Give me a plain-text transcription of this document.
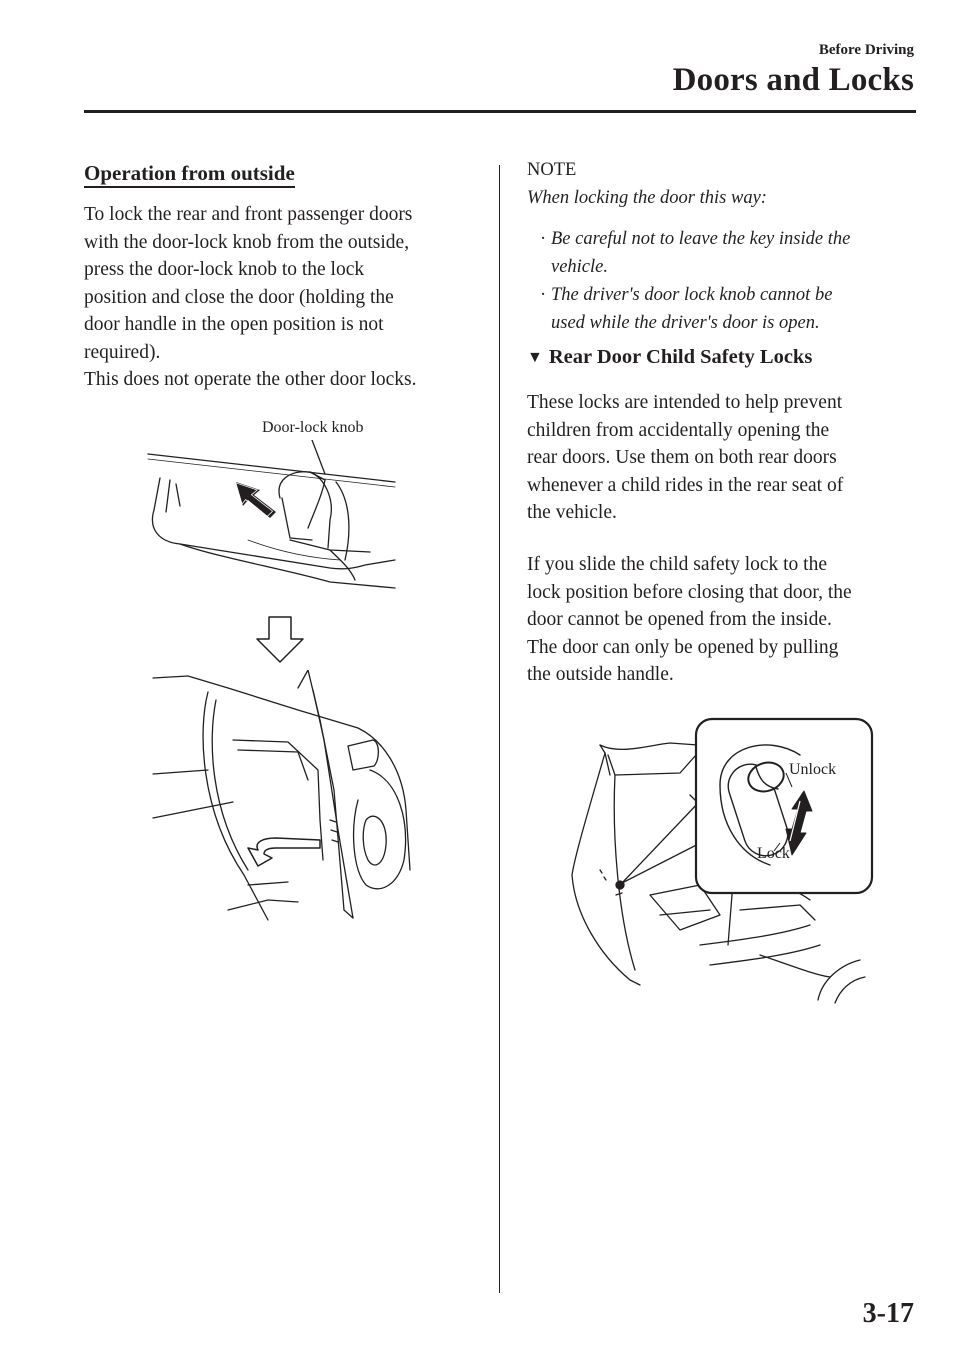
Before Driving
Doors and Locks
Operation from outside
To lock the rear and front passenger doors
with the door-lock knob from the outside,
press the door-lock knob to the lock
position and close the door (holding the
door handle in the open position is not
required).
This does not operate the other door locks.
Door-lock knob
NOTE
When locking the door this way:
· Be careful not to leave the key inside the
vehicle.
· The driver's door lock knob cannot be
used while the driver's door is open.
▼ Rear Door Child Safety Locks
These locks are intended to help prevent
children from accidentally opening the
rear doors. Use them on both rear doors
whenever a child rides in the rear seat of
the vehicle.
If you slide the child safety lock to the
lock position before closing that door, the
door cannot be opened from the inside.
The door can only be opened by pulling
the outside handle.
Unlock
Lock
3-17
